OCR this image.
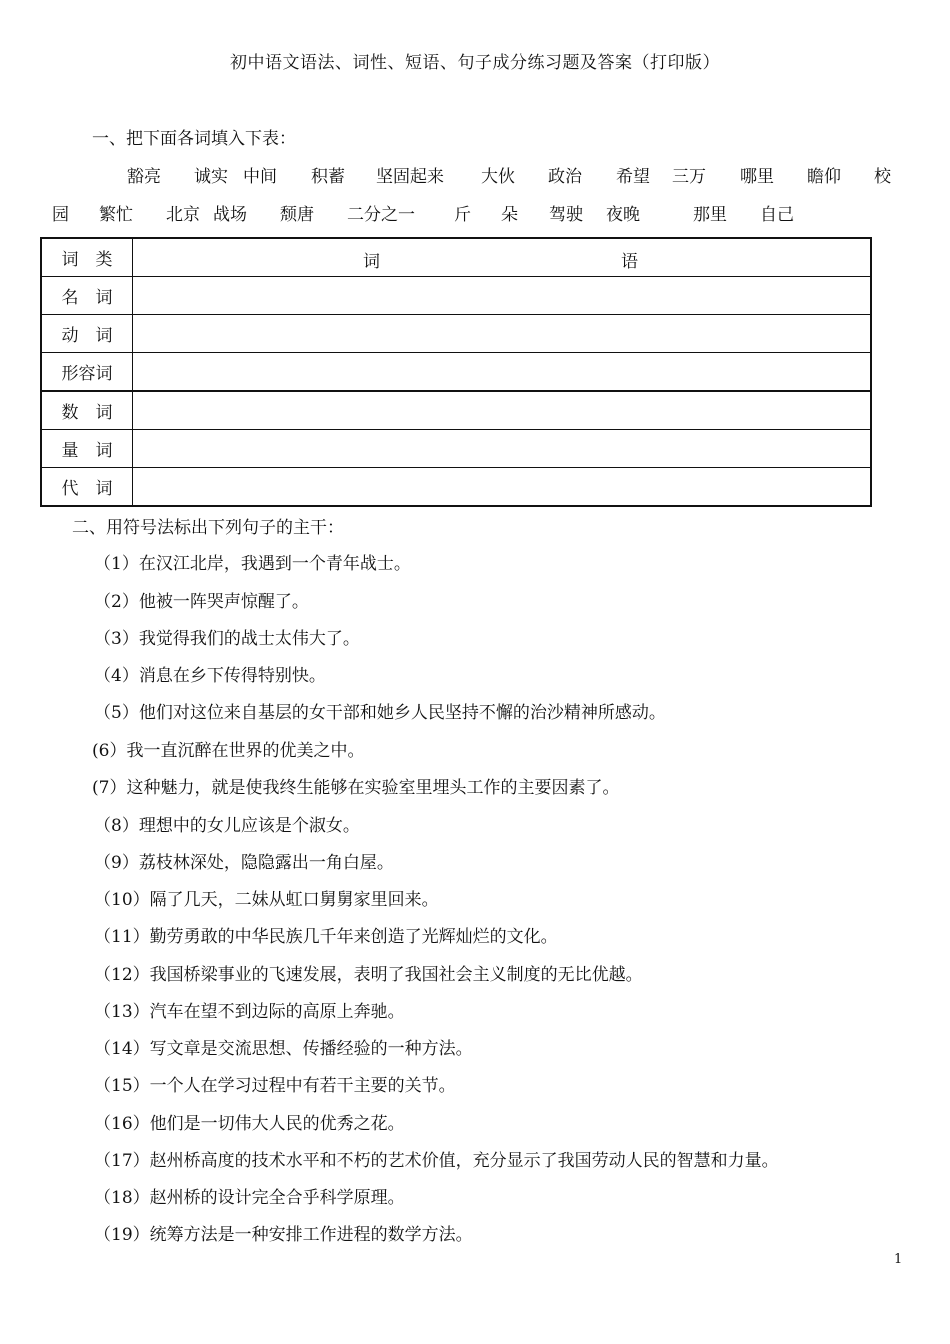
初中语文语法、词性、短语、句子成分练习题及答案（打印版）
一、把下面各词填入下表：
豁亮 诚实 中间 积蓄 坚固起来 大伙 政治 希望 三万 哪里 瞻仰 校
园 繁忙 北京 战场 颓唐 二分之一 斤 朵 驾驶 夜晚	那里 自己
词　类	词 语

名　词	
动　词	
形容词	
数　词	
量　词	
代　词	
二、用符号法标出下列句子的主干：
（1）在汉江北岸，我遇到一个青年战士。
（2）他被一阵哭声惊醒了。
（3）我觉得我们的战士太伟大了。
（4）消息在乡下传得特别快。
（5）他们对这位来自基层的女干部和她乡人民坚持不懈的治沙精神所感动。
(6）我一直沉醉在世界的优美之中。
(7）这种魅力，就是使我终生能够在实验室里埋头工作的主要因素了。
（8）理想中的女儿应该是个淑女。
（9）荔枝林深处，隐隐露出一角白屋。
（10）隔了几天，二妹从虹口舅舅家里回来。
（11）勤劳勇敢的中华民族几千年来创造了光辉灿烂的文化。
（12）我国桥梁事业的飞速发展，表明了我国社会主义制度的无比优越。
（13）汽车在望不到边际的高原上奔驰。
（14）写文章是交流思想、传播经验的一种方法。
（15）一个人在学习过程中有若干主要的关节。
（16）他们是一切伟大人民的优秀之花。
（17）赵州桥高度的技术水平和不朽的艺术价值，充分显示了我国劳动人民的智慧和力量。
（18）赵州桥的设计完全合乎科学原理。
（19）统筹方法是一种安排工作进程的数学方法。
1
